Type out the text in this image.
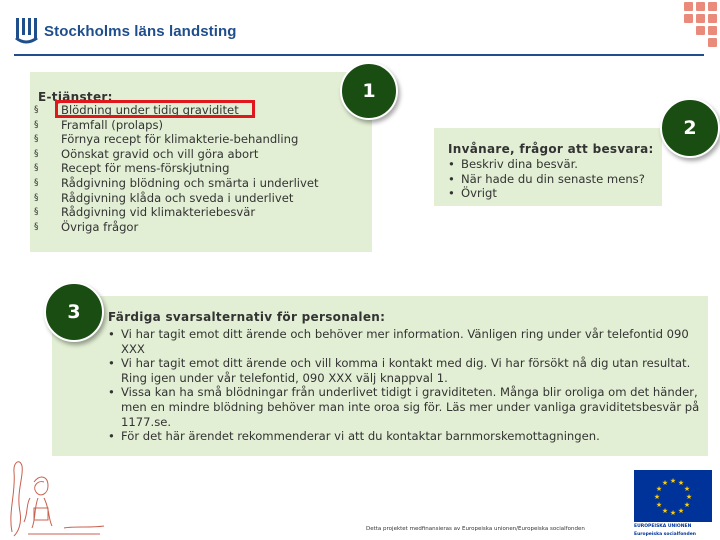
Stockholms läns landsting
E-tjänster:
§	Blödning under tidig graviditet
§	Framfall (prolaps)
§	Förnya recept för klimakterie-behandling
§	Oönskat gravid och vill göra abort
§	Recept för mens-förskjutning
§	Rådgivning blödning och smärta i underlivet
§	Rådgivning klåda och sveda i underlivet
§	Rådgivning vid klimakteriebesvär
§	Övriga frågor
1
Invånare, frågor att besvara:
• Beskriv dina besvär.
• När hade du din senaste mens?
• Övrigt
2
Färdiga svarsalternativ för personalen:
• Vi har tagit emot ditt ärende och behöver mer information. Vänligen ring under vår telefontid 090 XXX
• Vi har tagit emot ditt ärende och vill komma i kontakt med dig. Vi har försökt nå dig utan resultat. Ring igen under vår telefontid, 090 XXX välj knappval 1.
• Vissa kan ha små blödningar från underlivet tidigt i graviditeten. Många blir oroliga om det händer, men en mindre blödning behöver man inte oroa sig för. Läs mer under vanliga graviditetsbesvär på 1177.se.
• För det här ärendet rekommenderar vi att du kontaktar barnmorskemottagningen.
3
Detta projektet medfinansieras av Europeiska unionen/Europeiska socialfonden
★ ★
★
★
★
★
★
★
★
★
★
★
EUROPEISKA UNIONEN
Europeiska socialfonden
